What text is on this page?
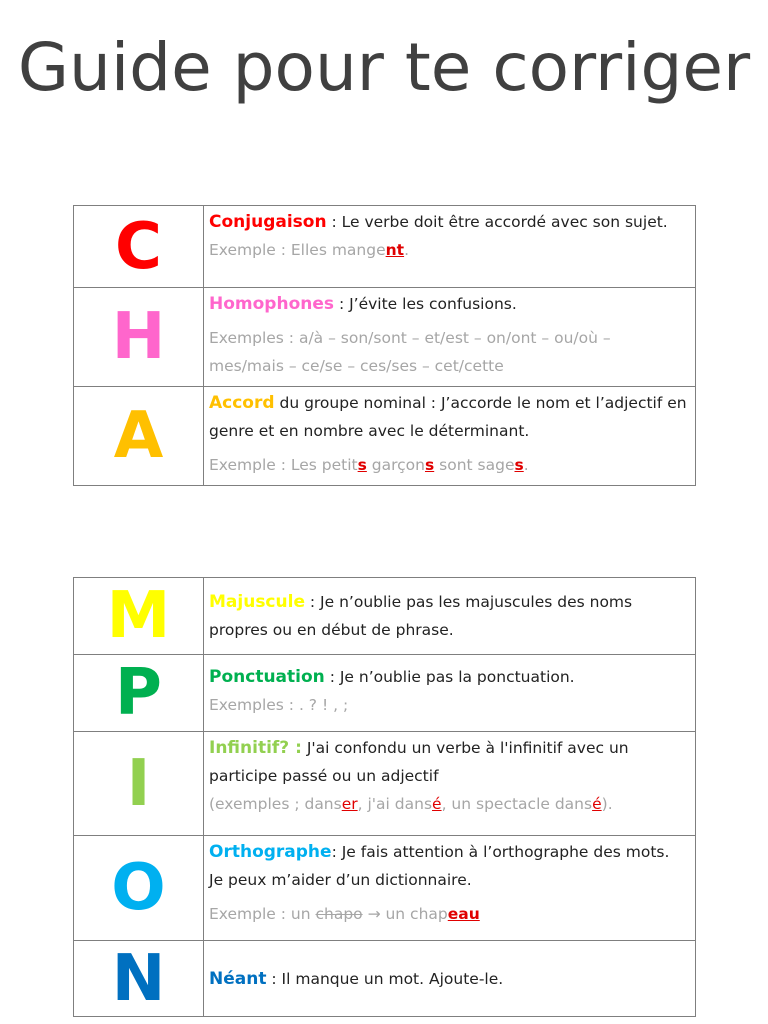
Guide pour te corriger
C	Conjugaison : Le verbe doit être accordé avec son sujet.
Exemple : Elles mangent.
H	Homophones : J’évite les confusions.
Exemples : a/à – son/sont – et/est – on/ont – ou/où – mes/mais – ce/se – ces/ses – cet/cette
A	Accord du groupe nominal : J’accorde le nom et l’adjectif en genre et en nombre avec le déterminant.
Exemple : Les petits garçons sont sages.
M	Majuscule : Je n’oublie pas les majuscules des noms propres ou en début de phrase.
P	Ponctuation : Je n’oublie pas la ponctuation.
Exemples : . ? ! , ;
I	Infinitif? : J'ai confondu un verbe à l'infinitif avec un participe passé ou un adjectif
(exemples ; danser, j'ai dansé, un spectacle dansé).
O	Orthographe: Je fais attention à l’orthographe des mots. Je peux m’aider d’un dictionnaire.
Exemple : un chapo → un chapeau
N	Néant : Il manque un mot. Ajoute-le.
